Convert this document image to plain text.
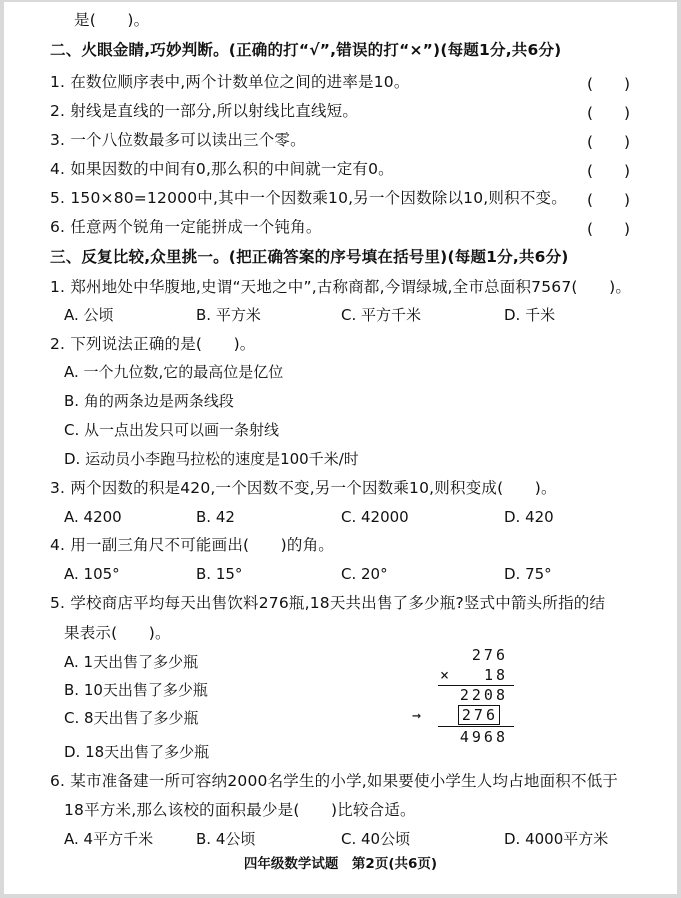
是(　　)。
二、火眼金睛,巧妙判断。(正确的打“√”,错误的打“×”)(每题1分,共6分)
1. 在数位顺序表中,两个计数单位之间的进率是10。	(　　)
2. 射线是直线的一部分,所以射线比直线短。	(　　)
3. 一个八位数最多可以读出三个零。	(　　)
4. 如果因数的中间有0,那么积的中间就一定有0。	(　　)
5. 150×80=12000中,其中一个因数乘10,另一个因数除以10,则积不变。 (　　)
6. 任意两个锐角一定能拼成一个钝角。	(　　)
三、反复比较,众里挑一。(把正确答案的序号填在括号里)(每题1分,共6分)
1. 郑州地处中华腹地,史谓“天地之中”,古称商都,今谓绿城,全市总面积7567(　　)。
A. 公顷	B. 平方米	C. 平方千米	D. 千米
2. 下列说法正确的是(　　)。
A. 一个九位数,它的最高位是亿位
B. 角的两条边是两条线段
C. 从一点出发只可以画一条射线
D. 运动员小李跑马拉松的速度是100千米/时
3. 两个因数的积是420,一个因数不变,另一个因数乘10,则积变成(　　)。
A. 4200	B. 42	C. 42000	D. 420
4. 用一副三角尺不可能画出(　　)的角。
A. 105°	B. 15°	C. 20°	D. 75°
5. 学校商店平均每天出售饮料276瓶,18天共出售了多少瓶?竖式中箭头所指的结
果表示(　　)。
A. 1天出售了多少瓶
B. 10天出售了多少瓶
C. 8天出售了多少瓶
D. 18天出售了多少瓶
276
×	18
2208
→	276
4968
6. 某市准备建一所可容纳2000名学生的小学,如果要使小学生人均占地面积不低于
18平方米,那么该校的面积最少是(　　)比较合适。
A. 4平方千米	B. 4公顷	C. 40公顷	D. 4000平方米
四年级数学试题　第2页(共6页)
